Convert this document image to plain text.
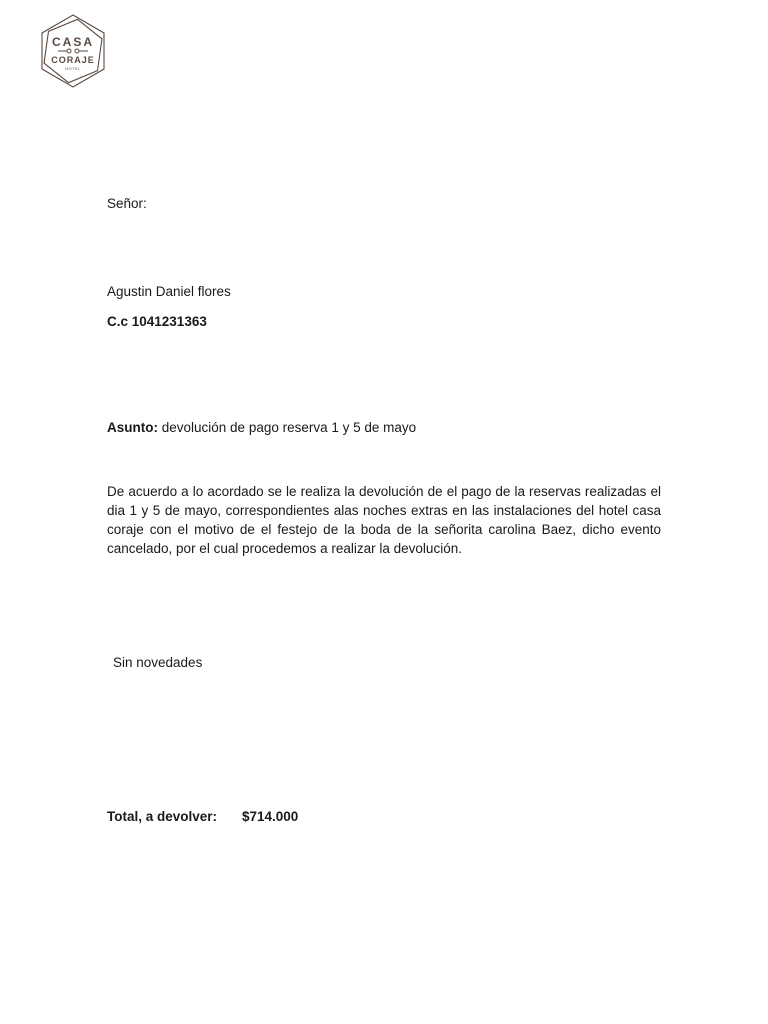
CASA
CORAJE
HOTEL
Señor:
Agustin Daniel flores
C.c 1041231363
Asunto: devolución de pago reserva 1 y 5 de mayo
De acuerdo a lo acordado se le realiza la devolución de el pago de la reservas realizadas el dia 1 y 5 de mayo, correspondientes alas noches extras en las instalaciones del hotel casa coraje con el motivo de el festejo de la boda de la señorita carolina Baez, dicho evento cancelado, por el cual procedemos a realizar la devolución.
Sin novedades
Total, a devolver: $714.000
